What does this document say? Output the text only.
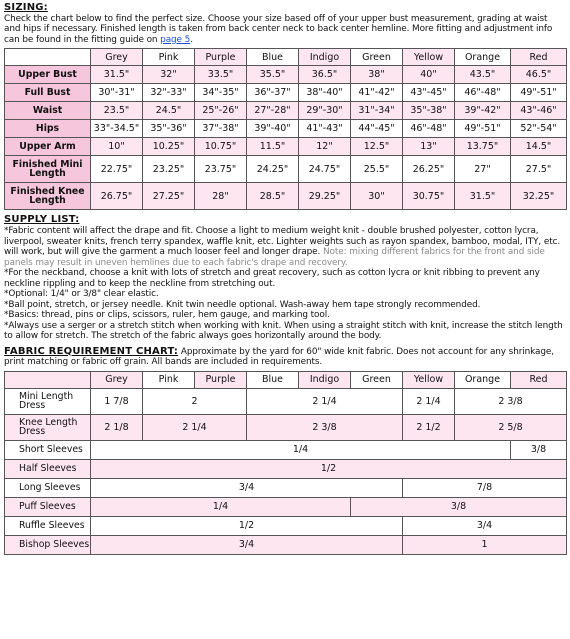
SIZING:

Check the chart below to find the perfect size. Choose your size based off of your upper bust measurement, grading at waist and hips if necessary. Finished length is taken from back center neck to back center hemline. More fitting and adjustment info can be found in the fitting guide on page 5.

	Grey	Pink	Purple	Blue	Indigo	Green	Yellow	Orange	Red
Upper Bust	31.5"	32"	33.5"	35.5"	36.5"	38"	40"	43.5"	46.5"
Full Bust	30"-31"	32"-33"	34"-35"	36"-37"	38"-40"	41"-42"	43"-45"	46"-48"	49"-51"
Waist	23.5"	24.5"	25"-26"	27"-28"	29"-30"	31"-34"	35"-38"	39"-42"	43"-46"
Hips	33"-34.5"	35"-36"	37"-38"	39"-40"	41"-43"	44"-45"	46"-48"	49"-51"	52"-54"
Upper Arm	10"	10.25"	10.75"	11.5"	12"	12.5"	13"	13.75"	14.5"
Finished Mini Length	22.75"	23.25"	23.75"	24.25"	24.75"	25.5"	26.25"	27"	27.5"
Finished Knee Length	26.75"	27.25"	28"	28.5"	29.25"	30"	30.75"	31.5"	32.25"
SUPPLY LIST:

*Fabric content will affect the drape and fit. Choose a light to medium weight knit - double brushed polyester, cotton lycra, liverpool, sweater knits, french terry spandex, waffle knit, etc. Lighter weights such as rayon spandex, bamboo, modal, ITY, etc. will work, but will give the garment a much looser feel and longer drape. Note: mixing different fabrics for the front and side panels may result in uneven hemlines due to each fabric's drape and recovery.

*For the neckband, choose a knit with lots of stretch and great recovery, such as cotton lycra or knit ribbing to prevent any neckline rippling and to keep the neckline from stretching out.

*Optional: 1/4" or 3/8" clear elastic.

*Ball point, stretch, or jersey needle. Knit twin needle optional. Wash-away hem tape strongly recommended.

*Basics: thread, pins or clips, scissors, ruler, hem gauge, and marking tool.

*Always use a serger or a stretch stitch when working with knit. When using a straight stitch with knit, increase the stitch length to allow for stretch. The stretch of the fabric always goes horizontally around the body.

FABRIC REQUIREMENT CHART: Approximate by the yard for 60" wide knit fabric. Does not account for any shrinkage, print matching or fabric off grain. All bands are included in requirements.

	Grey	Pink	Purple	Blue	Indigo	Green	Yellow	Orange	Red
Mini Length Dress	1 7/8	2		2 1/4			2 1/4	2 3/8	
Knee Length Dress	2 1/8	2 1/4		2 3/8			2 1/2	2 5/8	
Short Sleeves	1/4								3/8
Half Sleeves	1/2								
Long Sleeves	3/4						7/8		
Puff Sleeves	1/4					3/8			
Ruffle Sleeves	1/2						3/4		
Bishop Sleeves	3/4						1		
